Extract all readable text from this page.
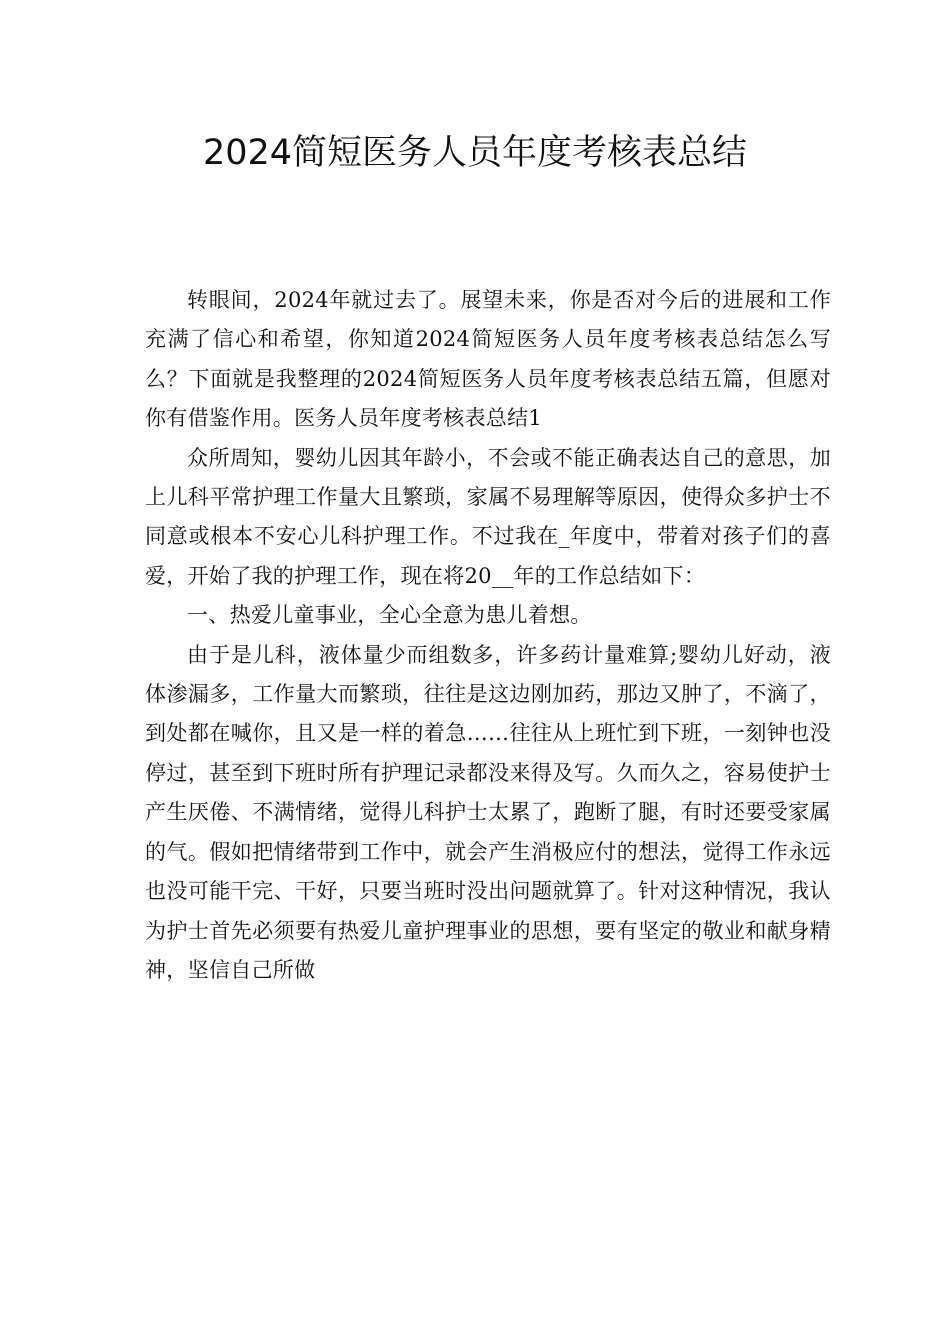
2024简短医务人员年度考核表总结

转眼间，2024年就过去了。展望未来，你是否对今后的进展和工作充满了信心和希望，你知道2024简短医务人员年度考核表总结怎么写么？下面就是我整理的2024简短医务人员年度考核表总结五篇，但愿对你有借鉴作用。医务人员年度考核表总结1

众所周知，婴幼儿因其年龄小，不会或不能正确表达自己的意思，加上儿科平常护理工作量大且繁琐，家属不易理解等原因，使得众多护士不同意或根本不安心儿科护理工作。不过我在_年度中，带着对孩子们的喜爱，开始了我的护理工作，现在将20__年的工作总结如下：

一、热爱儿童事业，全心全意为患儿着想。

由于是儿科，液体量少而组数多，许多药计量难算;婴幼儿好动，液体渗漏多，工作量大而繁琐，往往是这边刚加药，那边又肿了，不滴了，到处都在喊你，且又是一样的着急……往往从上班忙到下班，一刻钟也没停过，甚至到下班时所有护理记录都没来得及写。久而久之，容易使护士产生厌倦、不满情绪，觉得儿科护士太累了，跑断了腿，有时还要受家属的气。假如把情绪带到工作中，就会产生消极应付的想法，觉得工作永远也没可能干完、干好，只要当班时没出问题就算了。针对这种情况，我认为护士首先必须要有热爱儿童护理事业的思想，要有坚定的敬业和献身精神，坚信自己所做
